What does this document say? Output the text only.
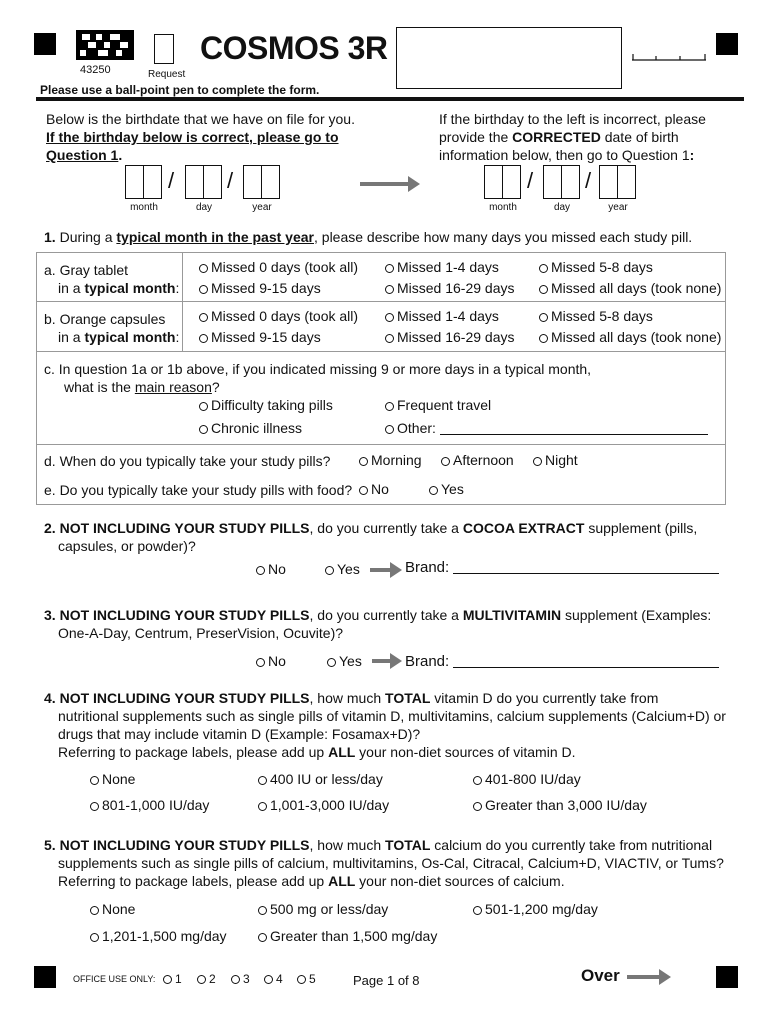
43250	Request
COSMOS 3R
Please use a ball-point pen to complete the form.
Below is the birthdate that we have on file for you.
If the birthday below is correct, please go to
Question 1.
If the birthday to the left is incorrect, please
provide the CORRECTED date of birth
information below, then go to Question 1:
/ /
month	day	year
/ /
month	day	year
1. During a typical month in the past year, please describe how many days you missed each study pill.
a. Gray tablet
in a typical month:
Missed 0 days (took all)	Missed 1-4 days	Missed 5-8 days
Missed 9-15 days	Missed 16-29 days	Missed all days (took none)
b. Orange capsules
in a typical month:
Missed 0 days (took all)	Missed 1-4 days	Missed 5-8 days
Missed 9-15 days	Missed 16-29 days	Missed all days (took none)
c. In question 1a or 1b above, if you indicated missing 9 or more days in a typical month,
what is the main reason?
Difficulty taking pills	Frequent travel
Chronic illness	Other:
d. When do you typically take your study pills?	Morning	Afternoon	Night
e. Do you typically take your study pills with food?	No	Yes
2. NOT INCLUDING YOUR STUDY PILLS, do you currently take a COCOA EXTRACT supplement (pills,
capsules, or powder)?
No	Yes	Brand:
3. NOT INCLUDING YOUR STUDY PILLS, do you currently take a MULTIVITAMIN supplement (Examples:
One-A-Day, Centrum, PreserVision, Ocuvite)?
No	Yes	Brand:
4. NOT INCLUDING YOUR STUDY PILLS, how much TOTAL vitamin D do you currently take from
nutritional supplements such as single pills of vitamin D, multivitamins, calcium supplements (Calcium+D) or
drugs that may include vitamin D (Example: Fosamax+D)?
Referring to package labels, please add up ALL your non-diet sources of vitamin D.
None	400 IU or less/day	401-800 IU/day
801-1,000 IU/day	1,001-3,000 IU/day	Greater than 3,000 IU/day
5. NOT INCLUDING YOUR STUDY PILLS, how much TOTAL calcium do you currently take from nutritional
supplements such as single pills of calcium, multivitamins, Os-Cal, Citracal, Calcium+D, VIACTIV, or Tums?
Referring to package labels, please add up ALL your non-diet sources of calcium.
None	500 mg or less/day	501-1,200 mg/day
1,201-1,500 mg/day	Greater than 1,500 mg/day
OFFICE USE ONLY:	1	2	3	4	5	Page 1 of 8	Over
